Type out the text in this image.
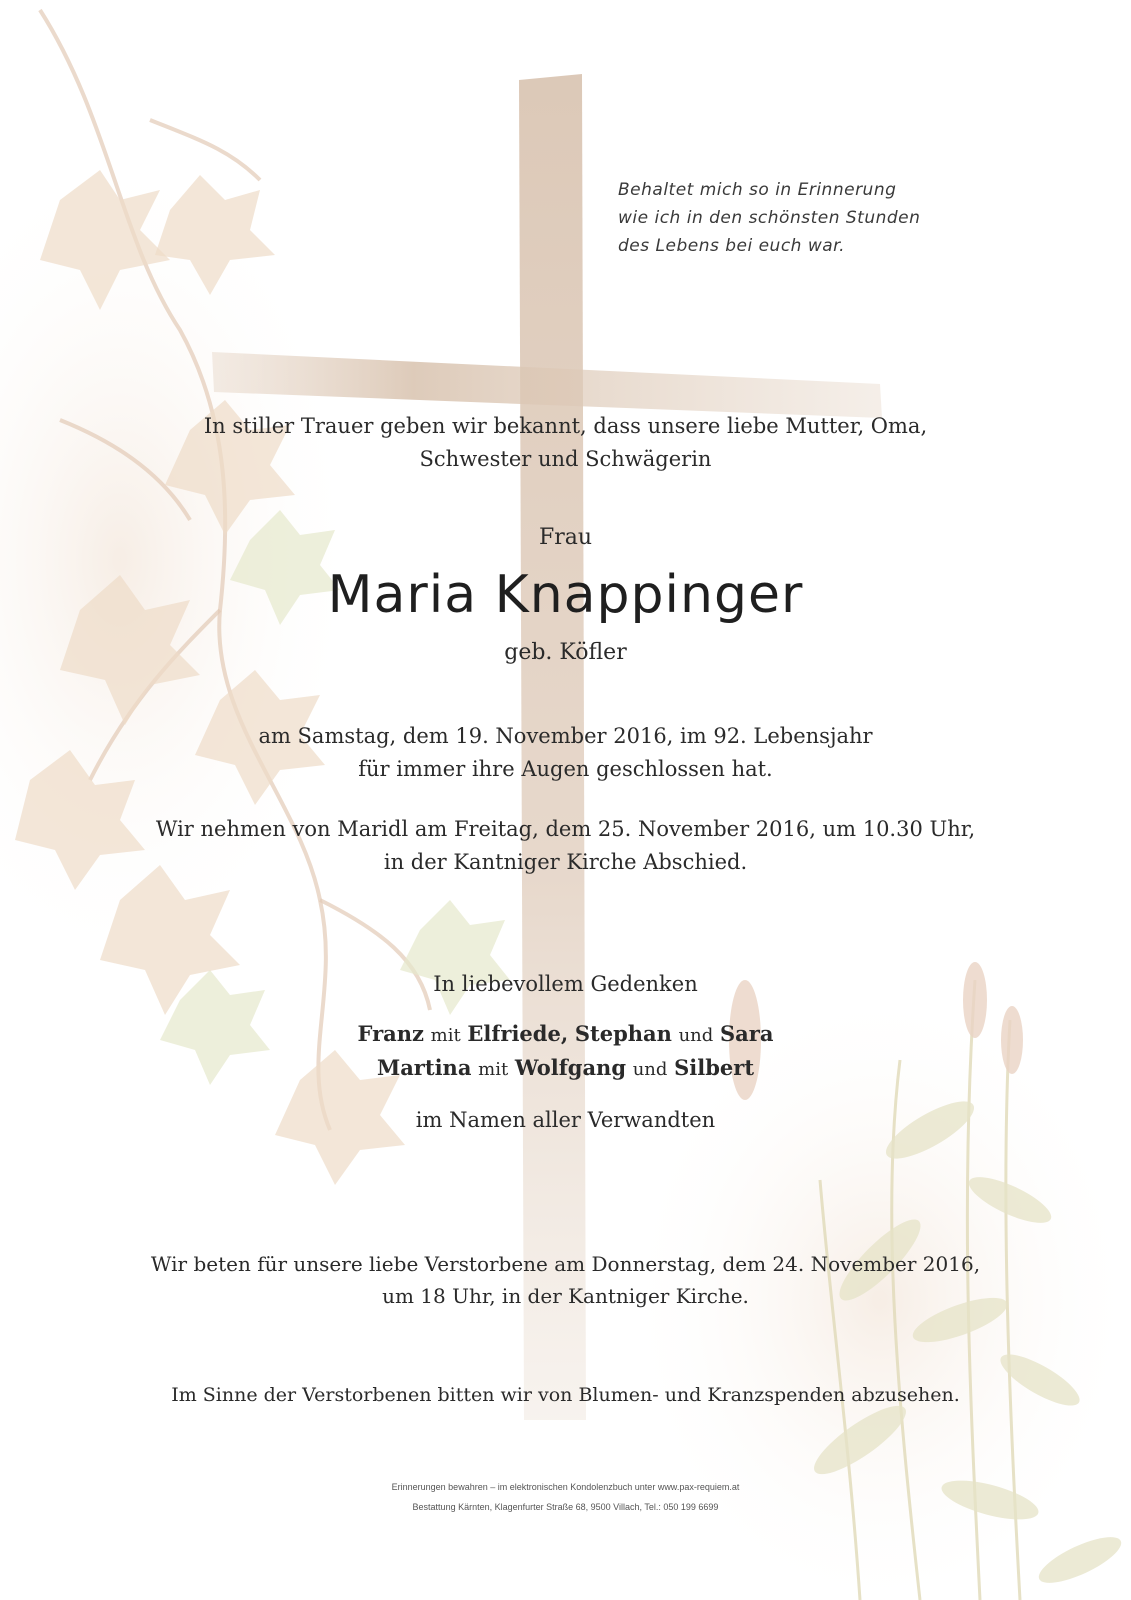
Behaltet mich so in Erinnerung
wie ich in den schönsten Stunden
des Lebens bei euch war.
In stiller Trauer geben wir bekannt, dass unsere liebe Mutter, Oma,
Schwester und Schwägerin
Frau
Maria Knappinger
geb. Köfler
am Samstag, dem 19. November 2016, im 92. Lebensjahr
für immer ihre Augen geschlossen hat.
Wir nehmen von Maridl am Freitag, dem 25. November 2016, um 10.30 Uhr,
in der Kantniger Kirche Abschied.
In liebevollem Gedenken
Franz mit Elfriede, Stephan und Sara
Martina mit Wolfgang und Silbert
im Namen aller Verwandten
Wir beten für unsere liebe Verstorbene am Donnerstag, dem 24. November 2016,
um 18 Uhr, in der Kantniger Kirche.
Im Sinne der Verstorbenen bitten wir von Blumen- und Kranzspenden abzusehen.
Erinnerungen bewahren – im elektronischen Kondolenzbuch unter www.pax-requiem.at
Bestattung Kärnten, Klagenfurter Straße 68, 9500 Villach, Tel.: 050 199 6699
